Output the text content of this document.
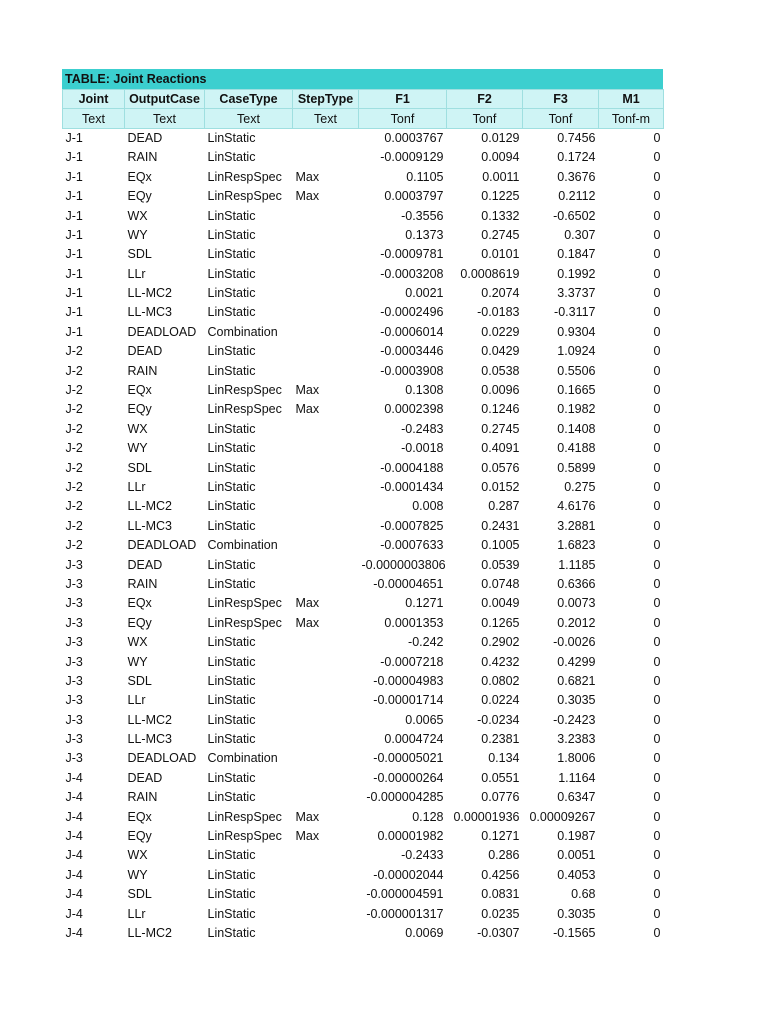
TABLE: Joint Reactions
Joint	OutputCase	CaseType	StepType	F1	F2	F3	M1
Text	Text	Text	Text	Tonf	Tonf	Tonf	Tonf-m
J-1	DEAD	LinStatic		0.0003767	0.0129	0.7456	0
J-1	RAIN	LinStatic		-0.0009129	0.0094	0.1724	0
J-1	EQx	LinRespSpec	Max	0.1105	0.0011	0.3676	0
J-1	EQy	LinRespSpec	Max	0.0003797	0.1225	0.2112	0
J-1	WX	LinStatic		-0.3556	0.1332	-0.6502	0
J-1	WY	LinStatic		0.1373	0.2745	0.307	0
J-1	SDL	LinStatic		-0.0009781	0.0101	0.1847	0
J-1	LLr	LinStatic		-0.0003208	0.0008619	0.1992	0
J-1	LL-MC2	LinStatic		0.0021	0.2074	3.3737	0
J-1	LL-MC3	LinStatic		-0.0002496	-0.0183	-0.3117	0
J-1	DEADLOAD	Combination		-0.0006014	0.0229	0.9304	0
J-2	DEAD	LinStatic		-0.0003446	0.0429	1.0924	0
J-2	RAIN	LinStatic		-0.0003908	0.0538	0.5506	0
J-2	EQx	LinRespSpec	Max	0.1308	0.0096	0.1665	0
J-2	EQy	LinRespSpec	Max	0.0002398	0.1246	0.1982	0
J-2	WX	LinStatic		-0.2483	0.2745	0.1408	0
J-2	WY	LinStatic		-0.0018	0.4091	0.4188	0
J-2	SDL	LinStatic		-0.0004188	0.0576	0.5899	0
J-2	LLr	LinStatic		-0.0001434	0.0152	0.275	0
J-2	LL-MC2	LinStatic		0.008	0.287	4.6176	0
J-2	LL-MC3	LinStatic		-0.0007825	0.2431	3.2881	0
J-2	DEADLOAD	Combination		-0.0007633	0.1005	1.6823	0
J-3	DEAD	LinStatic		-0.0000003806	0.0539	1.1185	0
J-3	RAIN	LinStatic		-0.00004651	0.0748	0.6366	0
J-3	EQx	LinRespSpec	Max	0.1271	0.0049	0.0073	0
J-3	EQy	LinRespSpec	Max	0.0001353	0.1265	0.2012	0
J-3	WX	LinStatic		-0.242	0.2902	-0.0026	0
J-3	WY	LinStatic		-0.0007218	0.4232	0.4299	0
J-3	SDL	LinStatic		-0.00004983	0.0802	0.6821	0
J-3	LLr	LinStatic		-0.00001714	0.0224	0.3035	0
J-3	LL-MC2	LinStatic		0.0065	-0.0234	-0.2423	0
J-3	LL-MC3	LinStatic		0.0004724	0.2381	3.2383	0
J-3	DEADLOAD	Combination		-0.00005021	0.134	1.8006	0
J-4	DEAD	LinStatic		-0.00000264	0.0551	1.1164	0
J-4	RAIN	LinStatic		-0.000004285	0.0776	0.6347	0
J-4	EQx	LinRespSpec	Max	0.128	0.00001936	0.00009267	0
J-4	EQy	LinRespSpec	Max	0.00001982	0.1271	0.1987	0
J-4	WX	LinStatic		-0.2433	0.286	0.0051	0
J-4	WY	LinStatic		-0.00002044	0.4256	0.4053	0
J-4	SDL	LinStatic		-0.000004591	0.0831	0.68	0
J-4	LLr	LinStatic		-0.000001317	0.0235	0.3035	0
J-4	LL-MC2	LinStatic		0.0069	-0.0307	-0.1565	0
